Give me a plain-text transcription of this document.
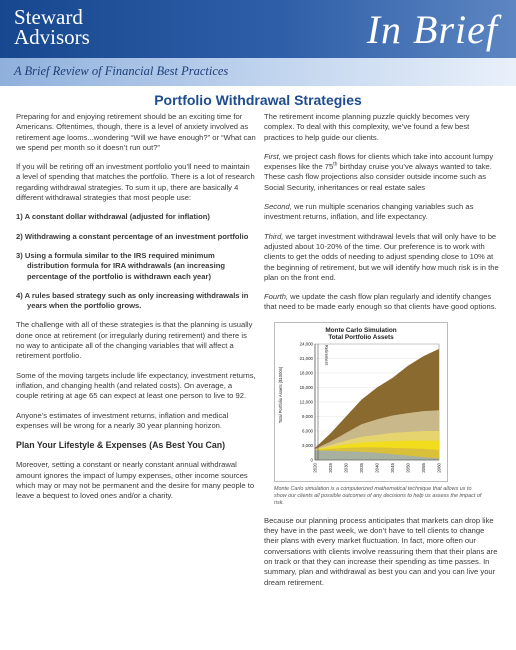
Steward
Advisors	In Brief
A Brief Review of Financial Best Practices
Portfolio Withdrawal Strategies

Preparing for and enjoying retirement should be an exciting time for Americans. Oftentimes, though, there is a level of anxiety involved as retirement age looms...wondering “Will we have enough?” or “What can we spend per month so it doesn’t run out?”

If you will be retiring off an investment portfolio you’ll need to maintain a level of spending that matches the portfolio. There is a lot of research regarding withdrawal strategies. To sum it up, there are basically 4 different withdrawal strategies that most people use:

1) A constant dollar withdrawal (adjusted for inflation)
2) Withdrawing a constant percentage of an investment portfolio
3) Using a formula similar to the IRS required minimum distribution formula for IRA withdrawals (an increasing percentage of the portfolio is withdrawn each year)
4) A rules based strategy such as only increasing withdrawals in years when the portfolio grows.

The challenge with all of these strategies is that the planning is usually done once at retirement (or irregularly during retirement) and there is no way to anticipate all of the changing variables that will affect a retirement portfolio.

Some of the moving targets include life expectancy, investment returns, inflation, and changing health (and related costs). On average, a couple retiring at age 65 can expect at least one person to live to 92.

Anyone’s estimates of investment returns, inflation and medical expenses will be wrong for a nearly 30 year planning horizon.

Plan Your Lifestyle & Expenses (As Best You Can)

Moreover, setting a constant or nearly constant annual withdrawal amount ignores the impact of lumpy expenses, other income sources which may or may not be permanent and the desire for many people to leave a bequest to loved ones and/or a charity.

The retirement income planning puzzle quickly becomes very complex. To deal with this complexity, we’ve found a few best practices to help guide our clients.

First, we project cash flows for clients which take into account lumpy expenses like the 75th birthday cruise you’ve always wanted to take. These cash flow projections also consider outside income such as Social Security, inheritances or real estate sales

Second, we run multiple scenarios changing variables such as investment returns, inflation, and life expectancy.

Third, we target investment withdrawal levels that will only have to be adjusted about 10-20% of the time. Our preference is to work with clients to get the odds of needing to adjust spending close to 10% at the beginning of retirement, but we will identify how much risk is in the plan on the front end.

Fourth, we update the cash flow plan regularly and identify changes that need to be made early enough so that clients have good options.

0
3,000
6,000
9,000
12,000
15,000
18,000
21,000
24,000
2020 2025 2030 2035 2040 2045 2050 2055 2060
Monte Carlo Simulation
Total Portfolio Assets
Total Portfolio Assets ($1000s)
Retirement

Monte Carlo simulation is a computerized mathematical technique that allows us to show our clients all possible outcomes of any decisions to help us assess the impact of risk.

Because our planning process anticipates that markets can drop like they have in the past week, we don’t have to tell clients to change their plans with every market fluctuation. In fact, more often our conversations with clients involve reassuring them that their plans are on track or that they can increase their spending as time passes. In summary, plan and withdrawal as best you can and you can live your dream retirement.
